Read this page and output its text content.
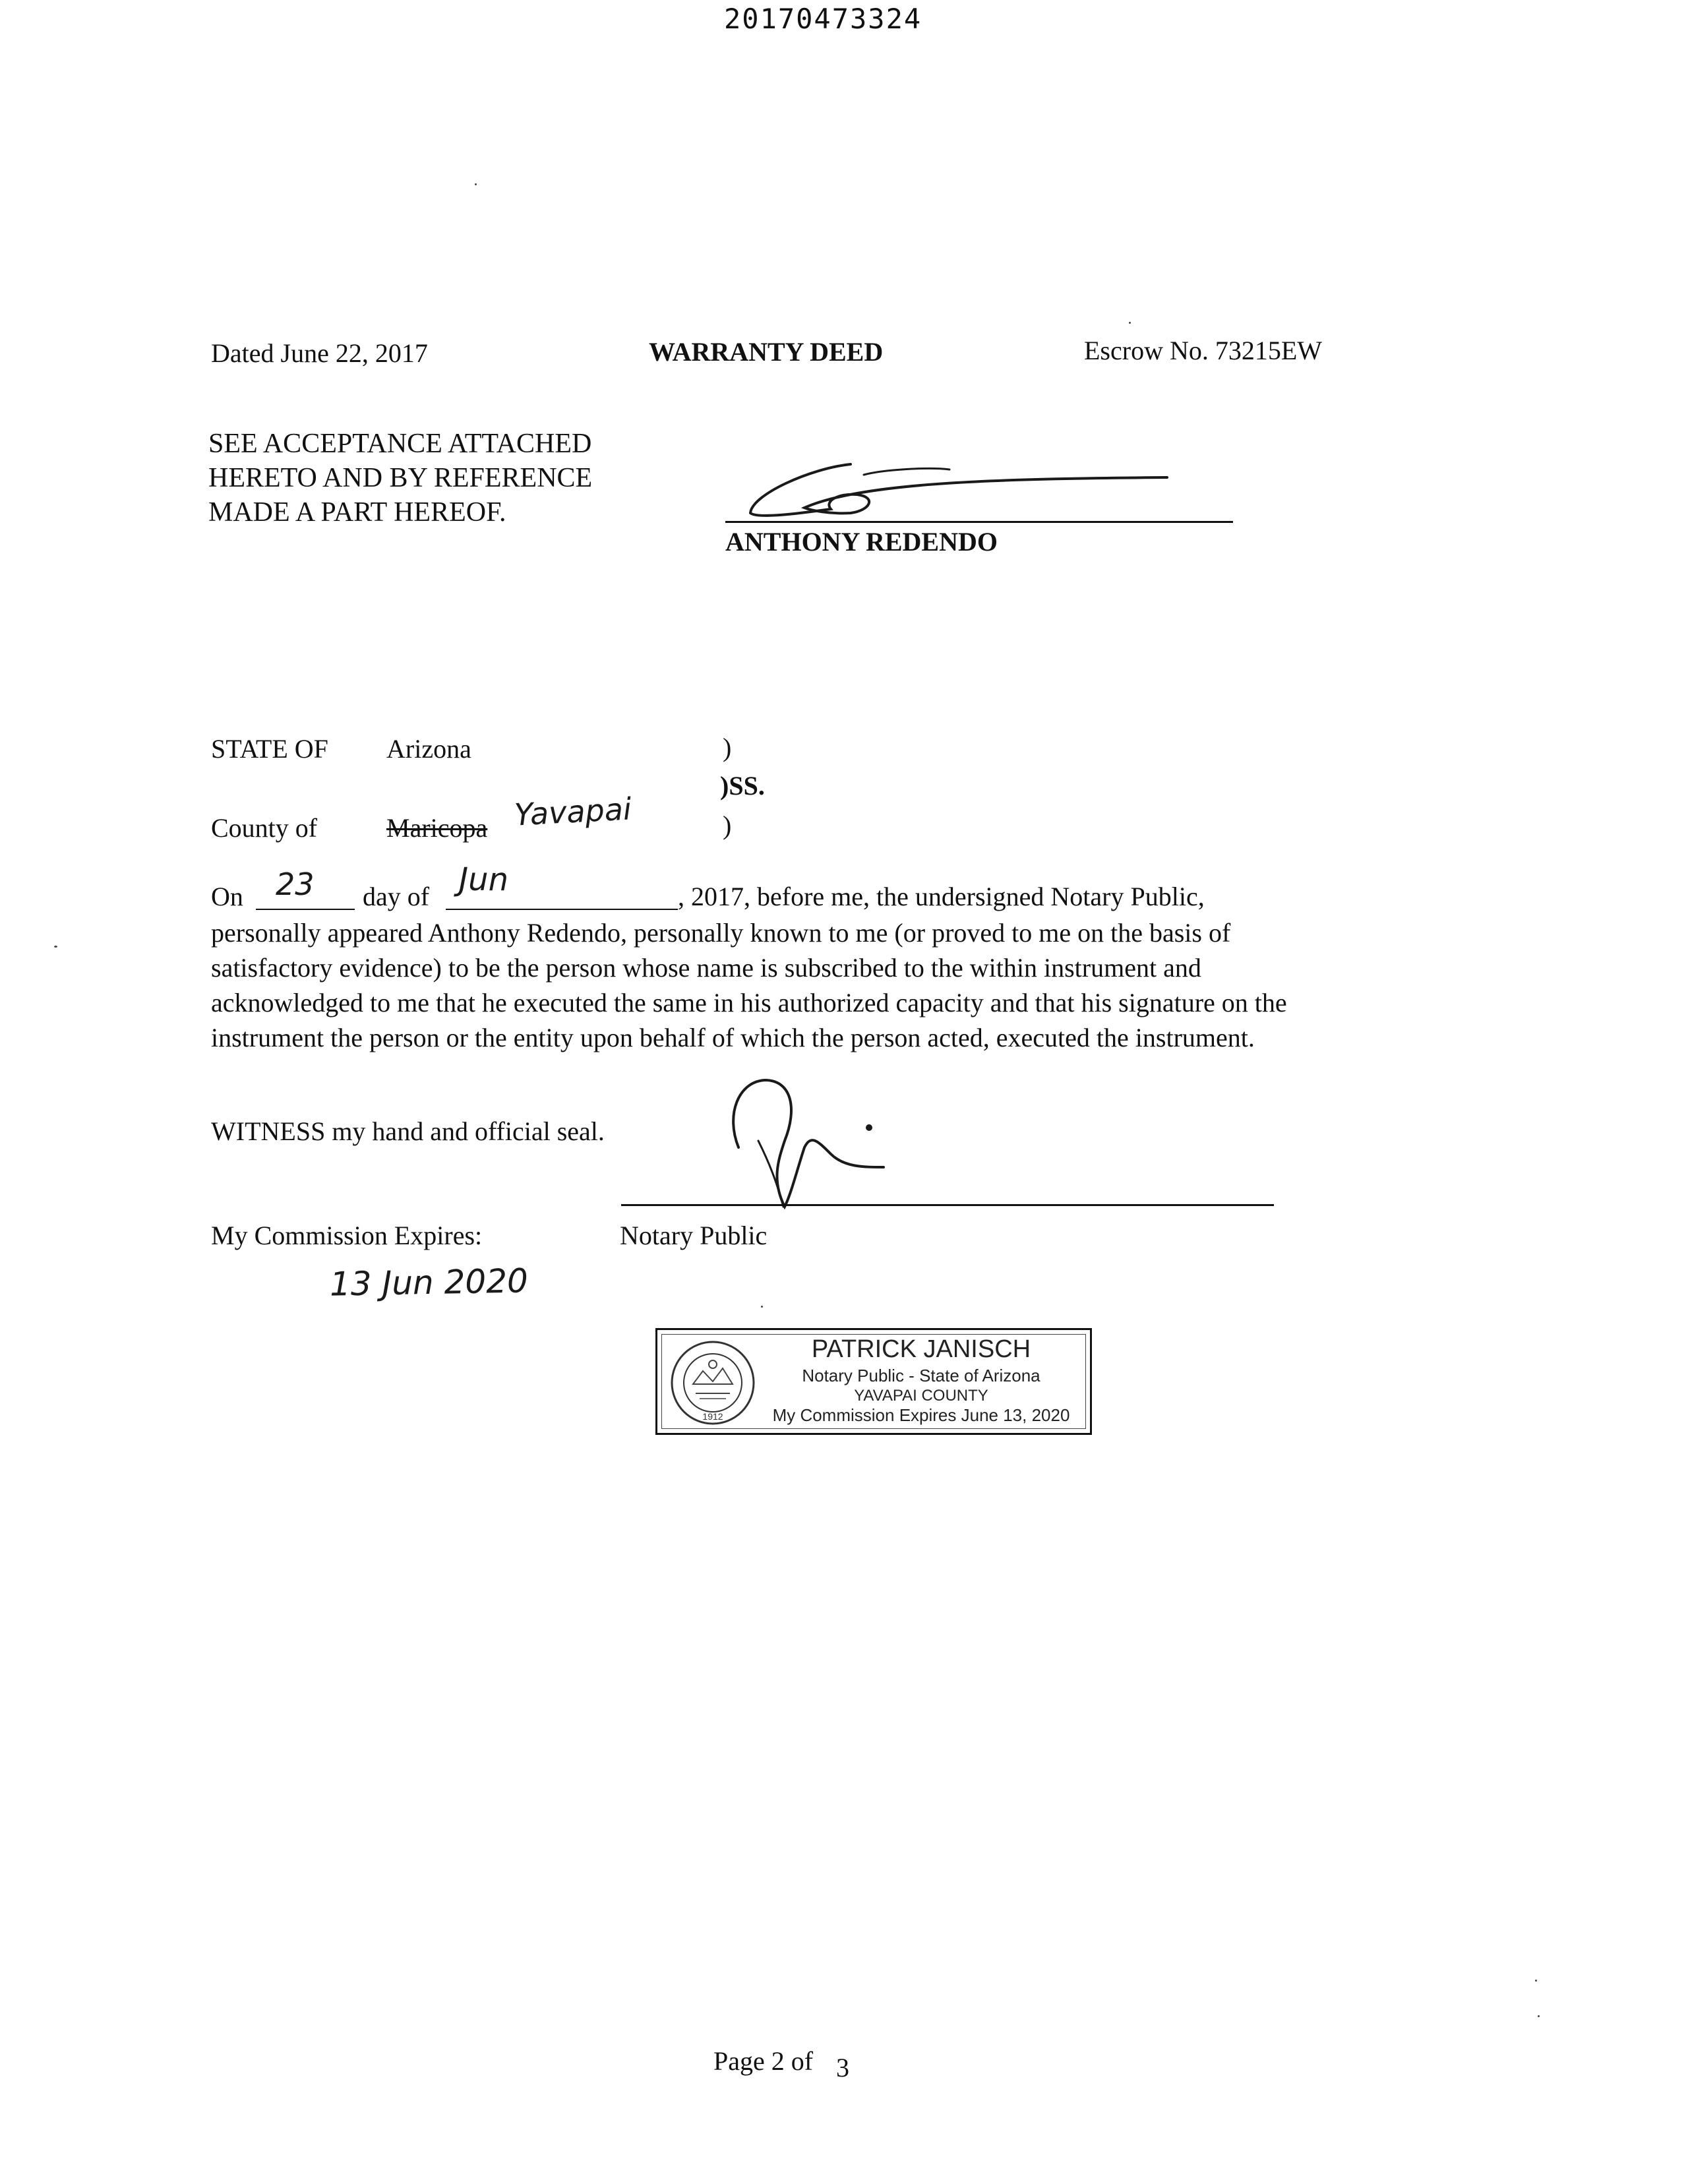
20170473324
Dated June 22, 2017	WARRANTY DEED	Escrow No. 73215EW
SEE ACCEPTANCE ATTACHED
HERETO AND BY REFERENCE
MADE A PART HEREOF.
ANTHONY REDENDO
STATE OF Arizona	)
)SS.
)
County of	Maricopa Yavapai
On 23 day of Jun	, 2017, before me, the undersigned Notary Public,

personally appeared Anthony Redendo, personally known to me (or proved to me on the basis of satisfactory evidence) to be the person whose name is subscribed to the within instrument and acknowledged to me that he executed the same in his authorized capacity and that his signature on the instrument the person or the entity upon behalf of which the person acted, executed the instrument.

WITNESS my hand and official seal.
My Commission Expires:	Notary Public
13 Jun 2020
1912
PATRICK JANISCH
Notary Public - State of Arizona
YAVAPAI COUNTY
My Commission Expires June 13, 2020
Page 2 of 3
